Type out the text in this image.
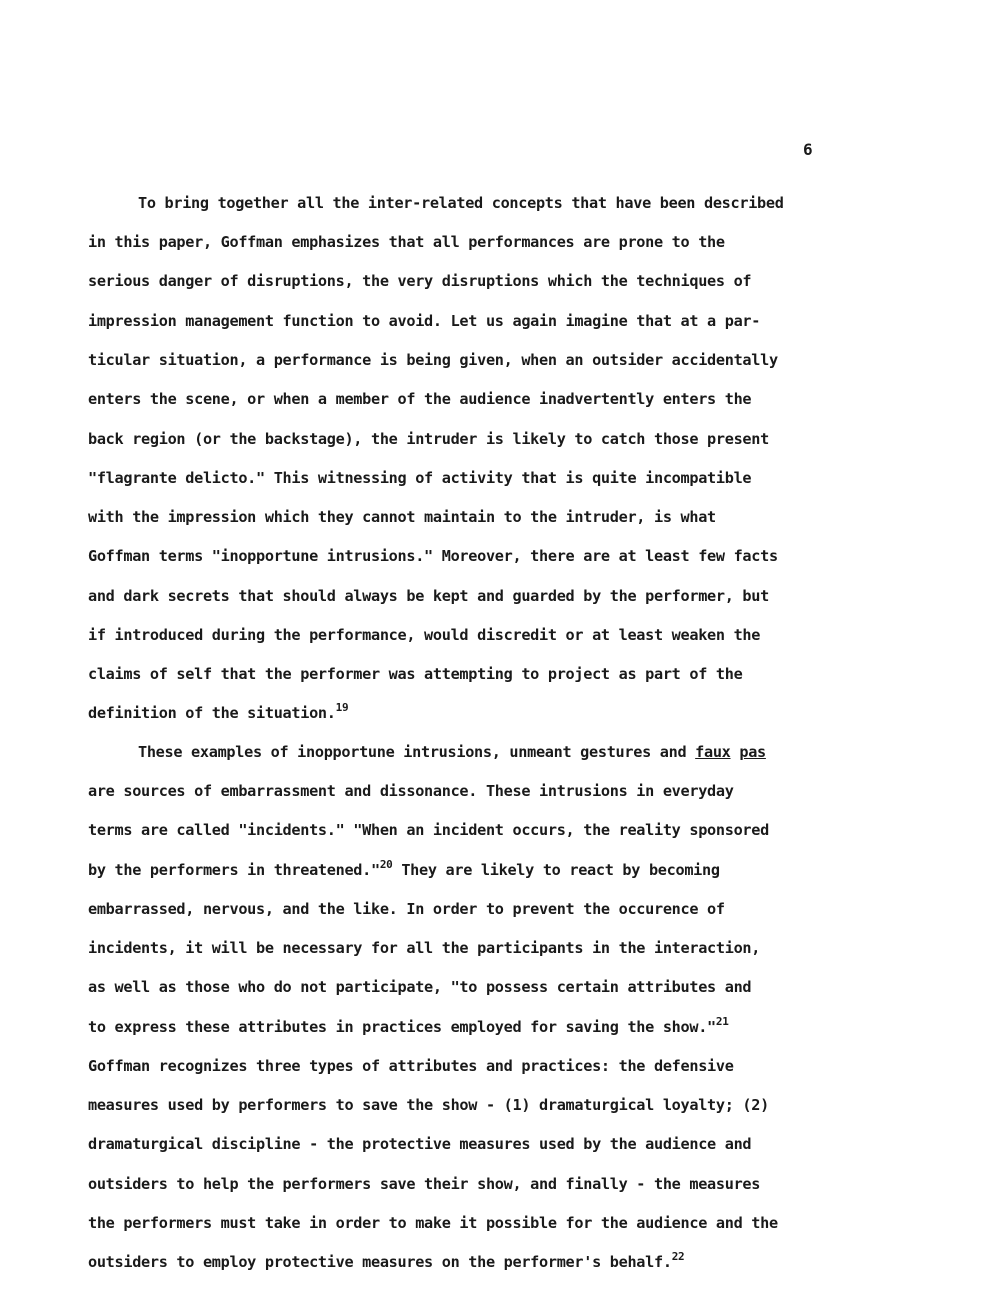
6
To bring together all the inter-related concepts that have been described
in this paper, Goffman emphasizes that all performances are prone to the
serious danger of disruptions, the very disruptions which the techniques of
impression management function to avoid. Let us again imagine that at a par-
ticular situation, a performance is being given, when an outsider accidentally
enters the scene, or when a member of the audience inadvertently enters the
back region (or the backstage), the intruder is likely to catch those present
"flagrante delicto." This witnessing of activity that is quite incompatible
with the impression which they cannot maintain to the intruder, is what
Goffman terms "inopportune intrusions." Moreover, there are at least few facts
and dark secrets that should always be kept and guarded by the performer, but
if introduced during the performance, would discredit or at least weaken the
claims of self that the performer was attempting to project as part of the
definition of the situation.$^{19}$
These examples of inopportune intrusions, unmeant gestures and faux pas
are sources of embarrassment and dissonance. These intrusions in everyday
terms are called "incidents." "When an incident occurs, the reality sponsored
by the performers in threatened."$^{20}$ They are likely to react by becoming
embarrassed, nervous, and the like. In order to prevent the occurence of
incidents, it will be necessary for all the participants in the interaction,
as well as those who do not participate, "to possess certain attributes and
to express these attributes in practices employed for saving the show."$^{21}$
Goffman recognizes three types of attributes and practices: the defensive
measures used by performers to save the show - (1) dramaturgical loyalty; (2)
dramaturgical discipline - the protective measures used by the audience and
outsiders to help the performers save their show, and finally - the measures
the performers must take in order to make it possible for the audience and the
outsiders to employ protective measures on the performer's behalf.$^{22}$
